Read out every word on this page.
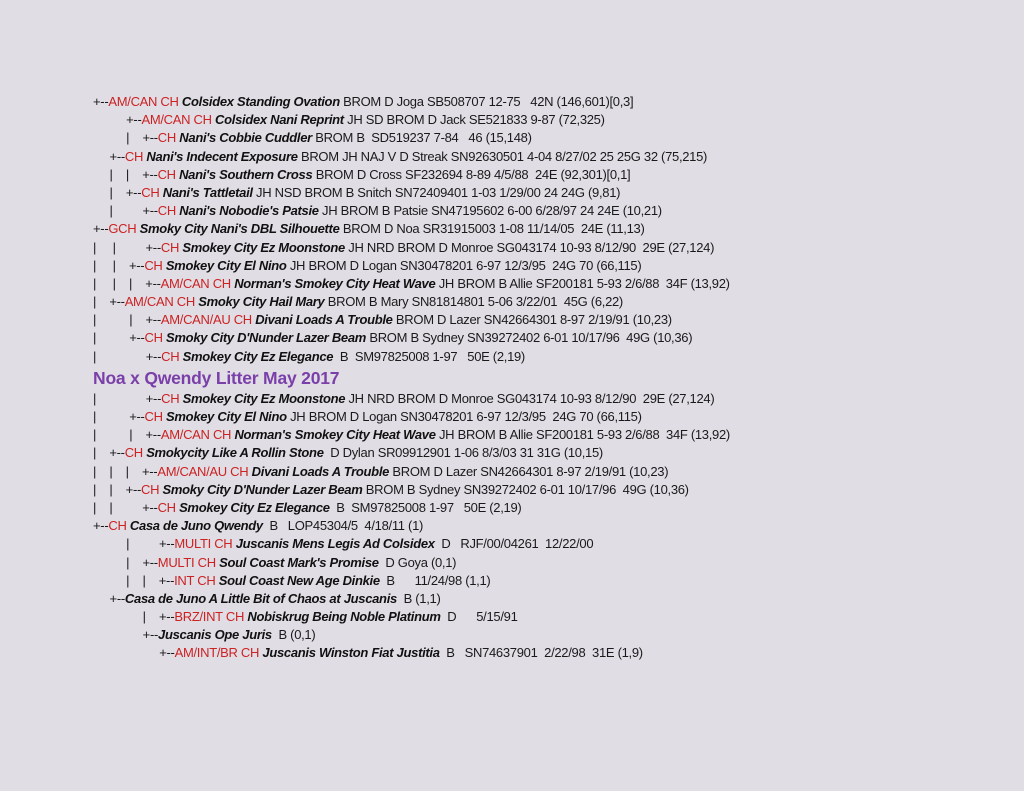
+--AM/CAN CH Colsidex Standing Ovation BROM D Joga SB508707 12-75   42N (146,601)[0,3]
+--AM/CAN CH Colsidex Nani Reprint JH SD BROM D Jack SE521833 9-87 (72,325)
|    +--CH Nani's Cobbie Cuddler BROM B  SD519237 7-84   46 (15,148)
+--CH Nani's Indecent Exposure BROM JH NAJ V D Streak SN92630501 4-04 8/27/02 25 25G 32 (75,215)
|    |    +--CH Nani's Southern Cross BROM D Cross SF232694 8-89 4/5/88  24E (92,301)[0,1]
|    +--CH Nani's Tattletail JH NSD BROM B Snitch SN72409401 1-03 1/29/00 24 24G (9,81)
|         +--CH Nani's Nobodie's Patsie JH BROM B Patsie SN47195602 6-00 6/28/97 24 24E (10,21)
+--GCH Smoky City Nani's DBL Silhouette BROM D Noa SR31915003 1-08 11/14/05  24E (11,13)
|     |         +--CH Smokey City Ez Moonstone JH NRD BROM D Monroe SG043174 10-93 8/12/90  29E (27,124)
|     |    +--CH Smokey City El Nino JH BROM D Logan SN30478201 6-97 12/3/95  24G 70 (66,115)
|     |    |    +--AM/CAN CH Norman's Smokey City Heat Wave JH BROM B Allie SF200181 5-93 2/6/88  34F (13,92)
|    +--AM/CAN CH Smoky City Hail Mary BROM B Mary SN81814801 5-06 3/22/01  45G (6,22)
|          |    +--AM/CAN/AU CH Divani Loads A Trouble BROM D Lazer SN42664301 8-97 2/19/91 (10,23)
|          +--CH Smoky City D'Nunder Lazer Beam BROM B Sydney SN39272402 6-01 10/17/96  49G (10,36)
|               +--CH Smokey City Ez Elegance  B  SM97825008 1-97   50E (2,19)
Noa x Qwendy Litter May 2017
|               +--CH Smokey City Ez Moonstone JH NRD BROM D Monroe SG043174 10-93 8/12/90  29E (27,124)
|          +--CH Smokey City El Nino JH BROM D Logan SN30478201 6-97 12/3/95  24G 70 (66,115)
|          |    +--AM/CAN CH Norman's Smokey City Heat Wave JH BROM B Allie SF200181 5-93 2/6/88  34F (13,92)
|    +--CH Smokycity Like A Rollin Stone  D Dylan SR09912901 1-06 8/3/03 31 31G (10,15)
|    |    |    +--AM/CAN/AU CH Divani Loads A Trouble BROM D Lazer SN42664301 8-97 2/19/91 (10,23)
|    |    +--CH Smoky City D'Nunder Lazer Beam BROM B Sydney SN39272402 6-01 10/17/96  49G (10,36)
|    |         +--CH Smokey City Ez Elegance  B  SM97825008 1-97   50E (2,19)
+--CH Casa de Juno Qwendy  B   LOP45304/5  4/18/11 (1)
|         +--MULTI CH Juscanis Mens Legis Ad Colsidex  D   RJF/00/04261  12/22/00
|    +--MULTI CH Soul Coast Mark's Promise  D Goya (0,1)
|    |    +--INT CH Soul Coast New Age Dinkie  B      11/24/98 (1,1)
+--Casa de Juno A Little Bit of Chaos at Juscanis  B (1,1)
|    +--BRZ/INT CH Nobiskrug Being Noble Platinum  D      5/15/91
+--Juscanis Ope Juris  B (0,1)
+--AM/INT/BR CH Juscanis Winston Fiat Justitia  B   SN74637901  2/22/98  31E (1,9)
